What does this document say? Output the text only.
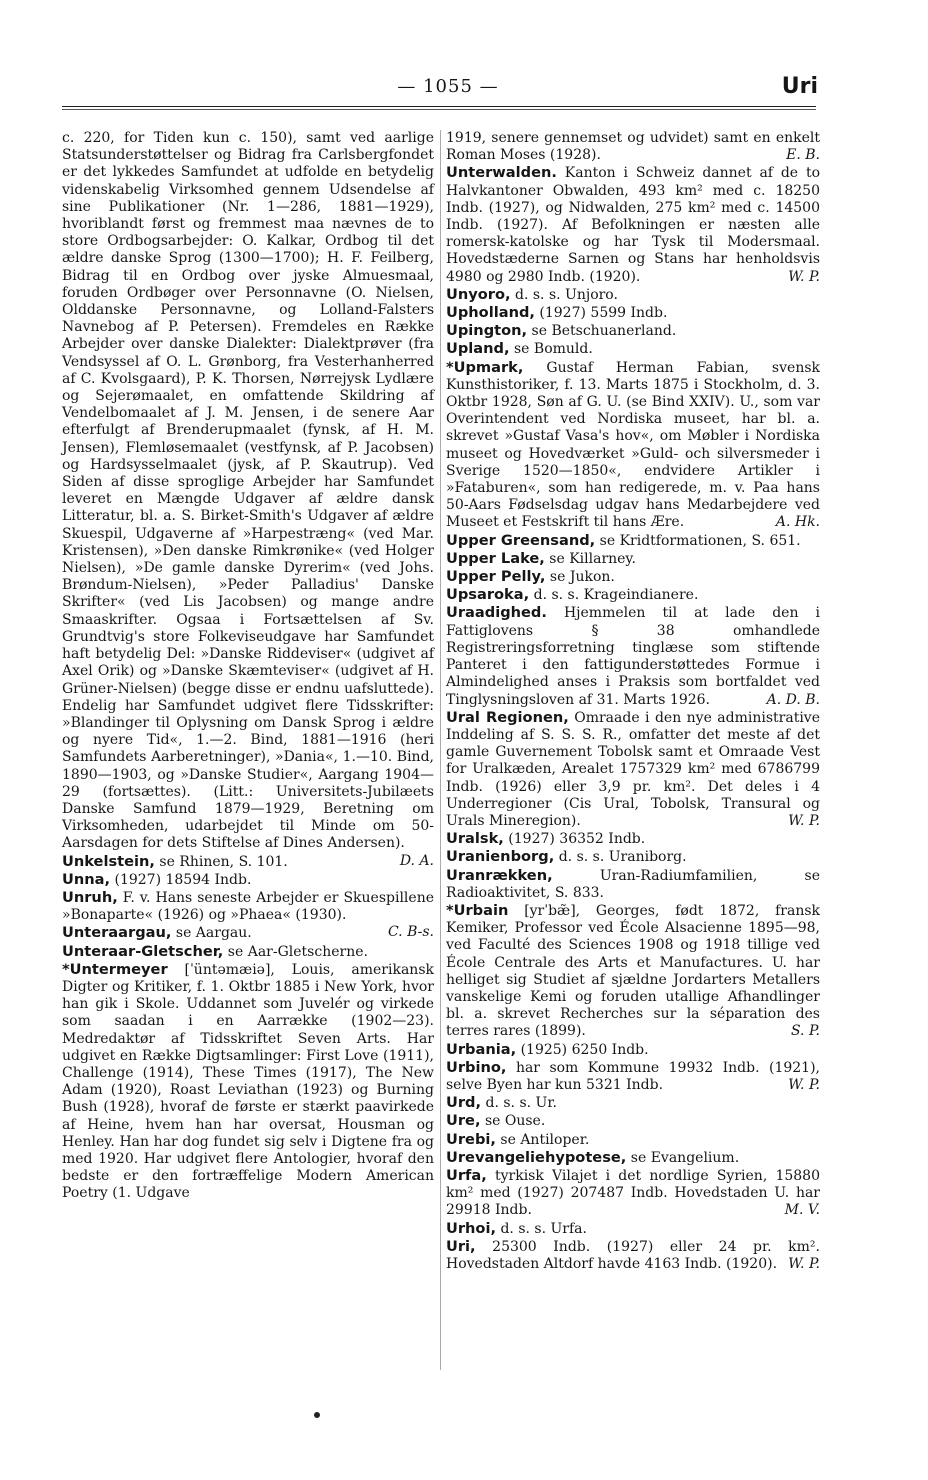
— 1055 —	Uri

c. 220, for Tiden kun c. 150), samt ved aarlige Statsunderstøttelser og Bidrag fra Carlsbergfondet er det lykkedes Samfundet at udfolde en betydelig videnskabelig Virksomhed gennem Udsendelse af sine Publikationer (Nr. 1—286, 1881—1929), hvoriblandt først og fremmest maa nævnes de to store Ordbogsarbejder: O. Kalkar, Ordbog til det ældre danske Sprog (1300—1700); H. F. Feilberg, Bidrag til en Ordbog over jyske Almuesmaal, foruden Ordbøger over Personnavne (O. Nielsen, Olddanske Personnavne, og Lolland-Falsters Navnebog af P. Petersen). Fremdeles en Række Arbejder over danske Dialekter: Dialektprøver (fra Vendsyssel af O. L. Grønborg, fra Vesterhanherred af C. Kvolsgaard), P. K. Thorsen, Nørrejysk Lydlære og Sejerømaalet, en omfattende Skildring af Vendelbomaalet af J. M. Jensen, i de senere Aar efterfulgt af Brenderupmaalet (fynsk, af H. M. Jensen), Flemløsemaalet (vestfynsk, af P. Jacobsen) og Hardsysselmaalet (jysk, af P. Skautrup). Ved Siden af disse sproglige Arbejder har Samfundet leveret en Mængde Udgaver af ældre dansk Litteratur, bl. a. S. Birket-Smith's Udgaver af ældre Skuespil, Udgaverne af »Harpestræng« (ved Mar. Kristensen), »Den danske Rimkrønike« (ved Holger Nielsen), »De gamle danske Dyrerim« (ved Johs. Brøndum-Nielsen), »Peder Palladius' Danske Skrifter« (ved Lis Jacobsen) og mange andre Smaaskrifter. Ogsaa i Fortsættelsen af Sv. Grundtvig's store Folkeviseudgave har Samfundet haft betydelig Del: »Danske Riddeviser« (udgivet af Axel Orik) og »Danske Skæmteviser« (udgivet af H. Grüner-Nielsen) (begge disse er endnu uafsluttede). Endelig har Samfundet udgivet flere Tidsskrifter: »Blandinger til Oplysning om Dansk Sprog i ældre og nyere Tid«, 1.—2. Bind, 1881—1916 (heri Samfundets Aarberetninger), »Dania«, 1.—10. Bind, 1890—1903, og »Danske Studier«, Aargang 1904—29 (fortsættes). (Litt.: Universitets-Jubilæets Danske Samfund 1879—1929, Beretning om Virksomheden, udarbejdet til Minde om 50-Aarsdagen for dets Stiftelse af Dines Andersen).
D. A.

Unkelstein, se Rhinen, S. 101.

Unna, (1927) 18594 Indb.

Unruh, F. v. Hans seneste Arbejder er Skuespillene »Bonaparte« (1926) og »Phaea« (1930).

Unteraargau, se Aargau.	C. B-s.

Unteraar-Gletscher, se Aar-Gletscherne.

*Untermeyer [ˈüntəmæiə], Louis, amerikansk Digter og Kritiker, f. 1. Oktbr 1885 i New York, hvor han gik i Skole. Uddannet som Juvelér og virkede som saadan i en Aarrække (1902—23). Medredaktør af Tidsskriftet Seven Arts. Har udgivet en Række Digtsamlinger: First Love (1911), Challenge (1914), These Times (1917), The New Adam (1920), Roast Leviathan (1923) og Burning Bush (1928), hvoraf de første er stærkt paavirkede af Heine, hvem han har oversat, Housman og Henley. Han har dog fundet sig selv i Digtene fra og med 1920. Har udgivet flere Antologier, hvoraf den bedste er den fortræffelige Modern American Poetry (1. Udgave

1919, senere gennemset og udvidet) samt en enkelt Roman Moses (1928).	E. B.

Unterwalden. Kanton i Schweiz dannet af de to Halvkantoner Obwalden, 493 km² med c. 18250 Indb. (1927), og Nidwalden, 275 km² med c. 14500 Indb. (1927). Af Befolkningen er næsten alle romersk-katolske og har Tysk til Modersmaal. Hovedstæderne Sarnen og Stans har henholdsvis 4980 og 2980 Indb. (1920).	W. P.

Unyoro, d. s. s. Unjoro.

Upholland, (1927) 5599 Indb.

Upington, se Betschuanerland.

Upland, se Bomuld.

*Upmark, Gustaf Herman Fabian, svensk Kunsthistoriker, f. 13. Marts 1875 i Stockholm, d. 3. Oktbr 1928, Søn af G. U. (se Bind XXIV). U., som var Overintendent ved Nordiska museet, har bl. a. skrevet »Gustaf Vasa's hov«, om Møbler i Nordiska museet og Hovedværket »Guld- och silversmeder i Sverige 1520—1850«, endvidere Artikler i »Fataburen«, som han redigerede, m. v. Paa hans 50-Aars Fødselsdag udgav hans Medarbejdere ved Museet et Festskrift til hans Ære.	A. Hk.

Upper Greensand, se Kridtformationen, S. 651.

Upper Lake, se Killarney.

Upper Pelly, se Jukon.

Upsaroka, d. s. s. Krageindianere.

Uraadighed. Hjemmelen til at lade den i Fattiglovens § 38 omhandlede Registreringsforretning tinglæse som stiftende Panteret i den fattigunderstøttedes Formue i Almindelighed anses i Praksis som bortfaldet ved Tinglysningsloven af 31. Marts 1926.	A. D. B.

Ural Regionen, Omraade i den nye administrative Inddeling af S. S. S. R., omfatter det meste af det gamle Guvernement Tobolsk samt et Omraade Vest for Uralkæden, Arealet 1757329 km² med 6786799 Indb. (1926) eller 3,9 pr. km². Det deles i 4 Underregioner (Cis Ural, Tobolsk, Transural og Urals Mineregion).	W. P.

Uralsk, (1927) 36352 Indb.

Uranienborg, d. s. s. Uraniborg.

Uranrækken,	Uran-Radiumfamilien, se Radioaktivitet, S. 833.

*Urbain [yrˈbæ̃], Georges, født 1872, fransk Kemiker, Professor ved École Alsacienne 1895—98, ved Faculté des Sciences 1908 og 1918 tillige ved École Centrale des Arts et Manufactures. U. har helliget sig Studiet af sjældne Jordarters Metallers vanskelige Kemi og foruden utallige Afhandlinger bl. a. skrevet Recherches sur la séparation des terres rares (1899).	S. P.

Urbania, (1925) 6250 Indb.

Urbino, har som Kommune 19932 Indb. (1921), selve Byen har kun 5321 Indb.	W. P.

Urd, d. s. s. Ur.

Ure, se Ouse.

Urebi, se Antiloper.

Urevangeliehypotese, se Evangelium.

Urfa, tyrkisk Vilajet i det nordlige Syrien, 15880 km² med (1927) 207487 Indb. Hovedstaden U. har 29918 Indb.	M. V.

Urhoi, d. s. s. Urfa.

Uri, 25300 Indb. (1927) eller 24 pr. km². Hovedstaden Altdorf havde 4163 Indb. (1920). W. P.
